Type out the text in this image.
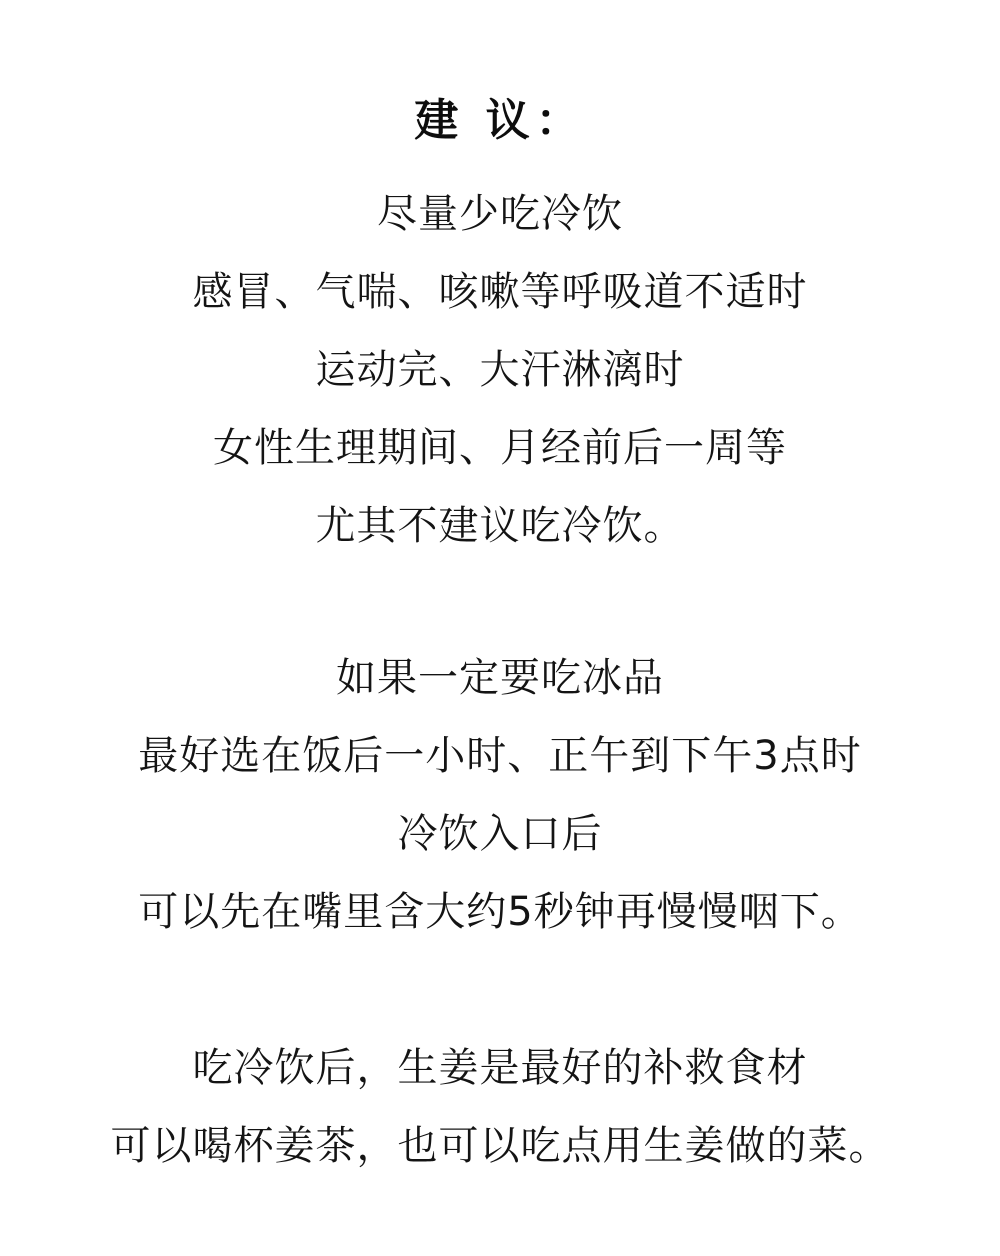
建 议：
尽量少吃冷饮
感冒、气喘、咳嗽等呼吸道不适时
运动完、大汗淋漓时
女性生理期间、月经前后一周等
尤其不建议吃冷饮。
如果一定要吃冰品
最好选在饭后一小时、正午到下午3点时
冷饮入口后
可以先在嘴里含大约5秒钟再慢慢咽下。
吃冷饮后，生姜是最好的补救食材
可以喝杯姜茶，也可以吃点用生姜做的菜。
